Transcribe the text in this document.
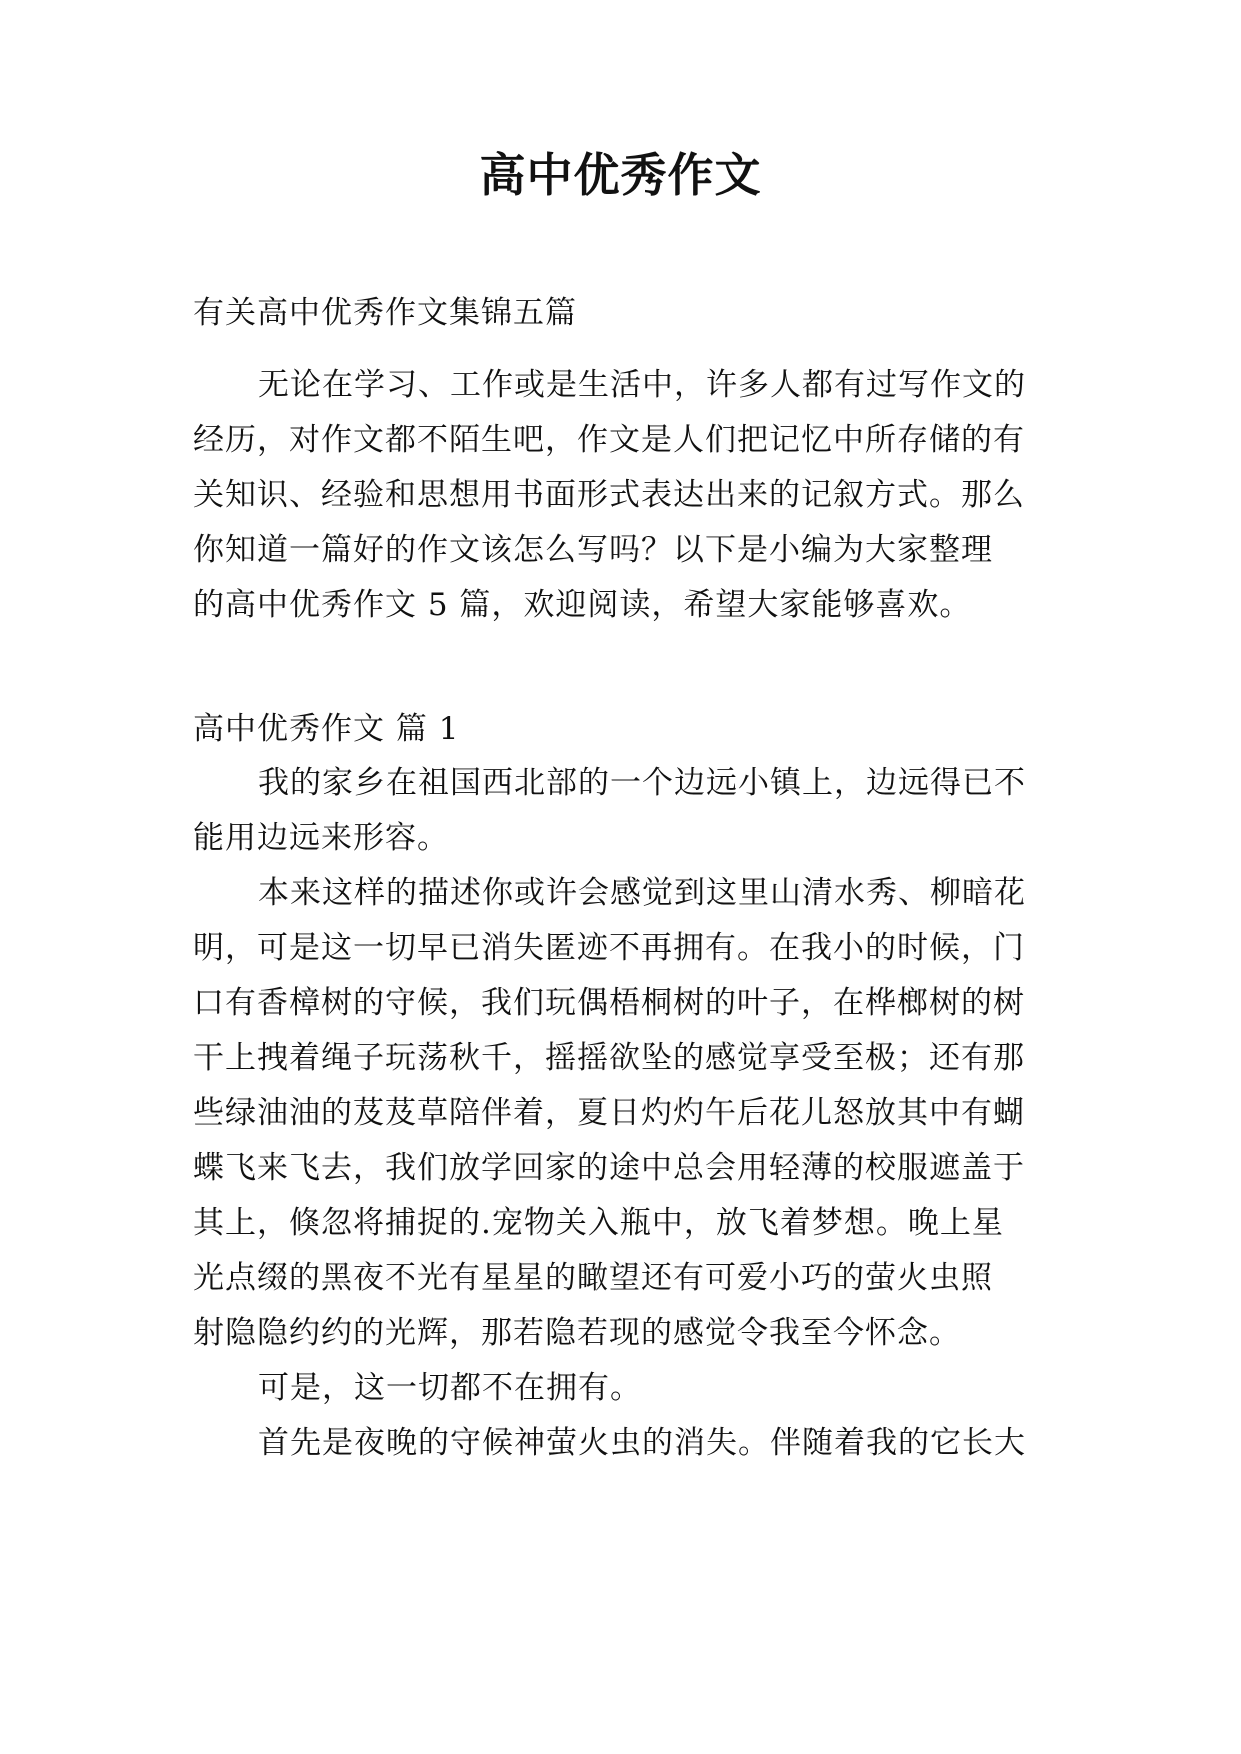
高中优秀作文
有关高中优秀作文集锦五篇
无论在学习、工作或是生活中，许多人都有过写作文的
经历，对作文都不陌生吧，作文是人们把记忆中所存储的有
关知识、经验和思想用书面形式表达出来的记叙方式。那么
你知道一篇好的作文该怎么写吗？以下是小编为大家整理
的高中优秀作文 5 篇，欢迎阅读，希望大家能够喜欢。
高中优秀作文 篇 1
我的家乡在祖国西北部的一个边远小镇上，边远得已不
能用边远来形容。
本来这样的描述你或许会感觉到这里山清水秀、柳暗花
明，可是这一切早已消失匿迹不再拥有。在我小的时候，门
口有香樟树的守候，我们玩偶梧桐树的叶子，在桦榔树的树
干上拽着绳子玩荡秋千，摇摇欲坠的感觉享受至极；还有那
些绿油油的芨芨草陪伴着，夏日灼灼午后花儿怒放其中有蝴
蝶飞来飞去，我们放学回家的途中总会用轻薄的校服遮盖于
其上，倏忽将捕捉的.宠物关入瓶中，放飞着梦想。晚上星
光点缀的黑夜不光有星星的瞰望还有可爱小巧的萤火虫照
射隐隐约约的光辉，那若隐若现的感觉令我至今怀念。
可是，这一切都不在拥有。
首先是夜晚的守候神萤火虫的消失。伴随着我的它长大
